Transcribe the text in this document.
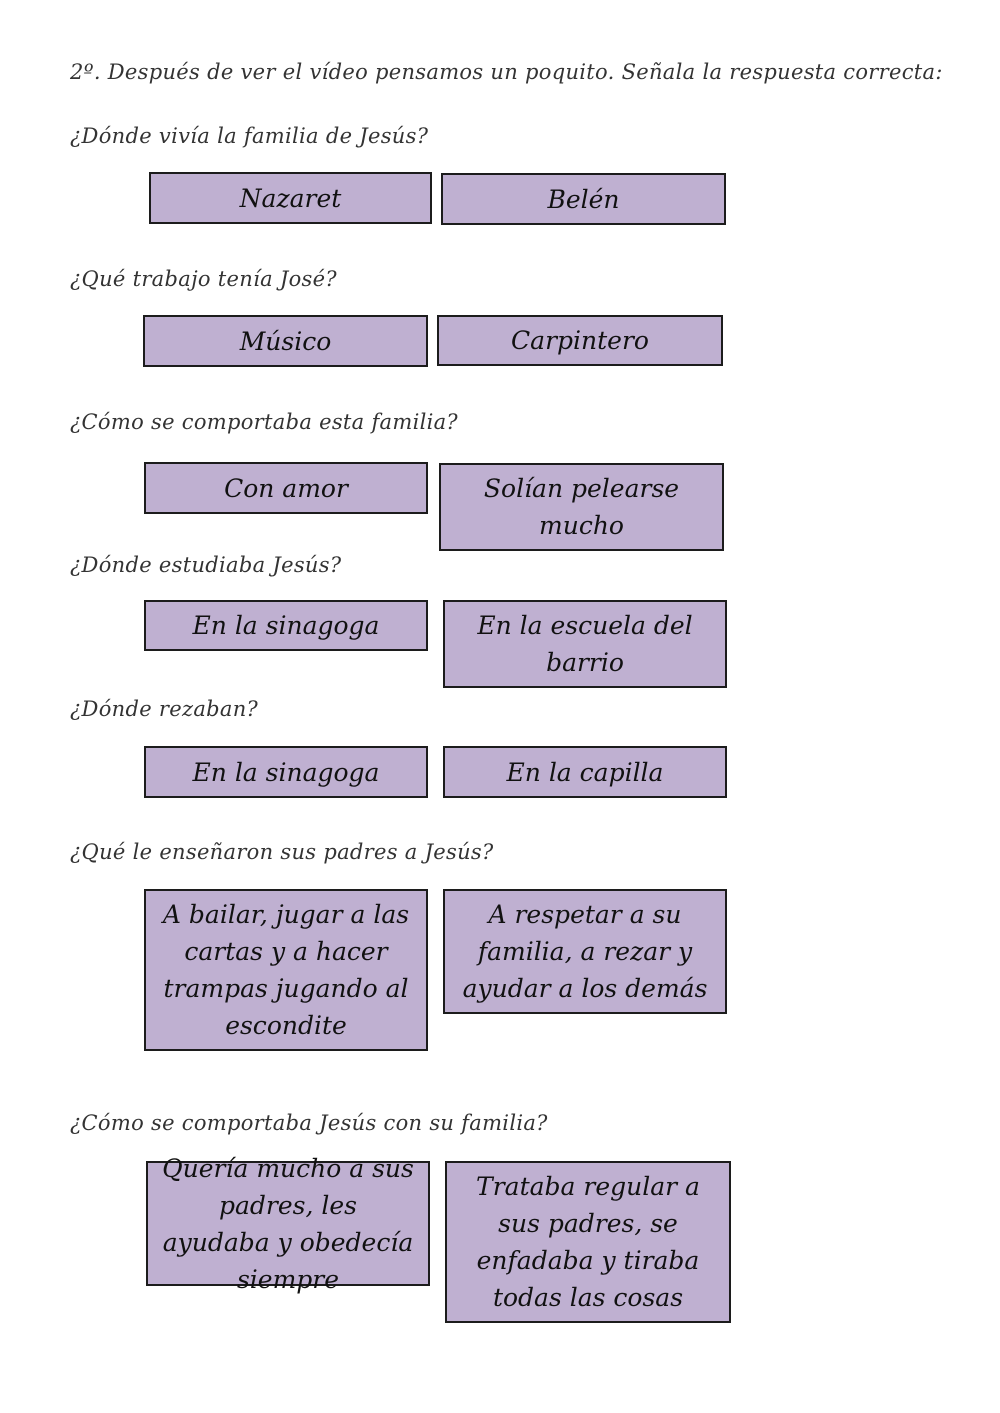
2º. Después de ver el vídeo pensamos un poquito. Señala la respuesta correcta:
¿Dónde vivía la familia de Jesús?
Nazaret	Belén
¿Qué trabajo tenía José?
Músico	Carpintero
¿Cómo se comportaba esta familia?
Con amor	Solían pelearse mucho
¿Dónde estudiaba Jesús?
En la sinagoga	En la escuela del barrio
¿Dónde rezaban?
En la sinagoga	En la capilla
¿Qué le enseñaron sus padres a Jesús?
A bailar, jugar a las cartas y a hacer trampas jugando al escondite
A respetar a su familia, a rezar y ayudar a los demás
¿Cómo se comportaba Jesús con su familia?
Quería mucho a sus padres, les ayudaba y obedecía siempre
Trataba regular a sus padres, se enfadaba y tiraba todas las cosas
